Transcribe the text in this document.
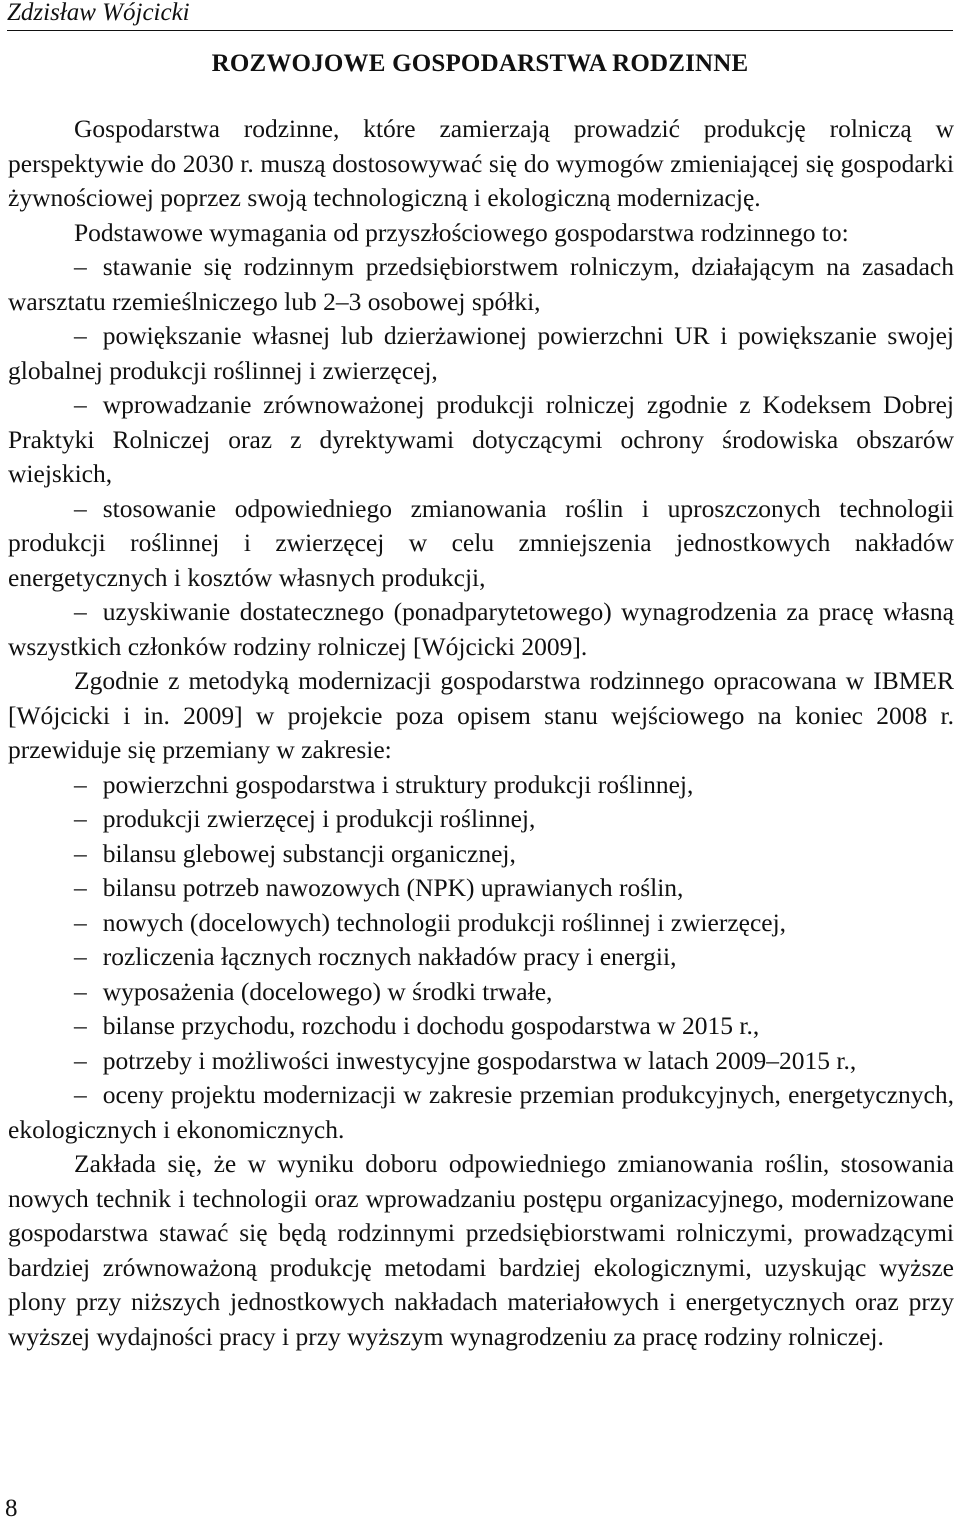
Zdzisław Wójcicki
ROZWOJOWE GOSPODARSTWA RODZINNE

Gospodarstwa rodzinne, które zamierzają prowadzić produkcję rolniczą w perspektywie do 2030 r. muszą dostosowywać się do wymogów zmieniającej się gospodarki żywnościowej poprzez swoją technologiczną i ekologiczną modernizację.

Podstawowe wymagania od przyszłościowego gospodarstwa rodzinnego to:

– stawanie się rodzinnym przedsiębiorstwem rolniczym, działającym na zasadach warsztatu rzemieślniczego lub 2–3 osobowej spółki,
– powiększanie własnej lub dzierżawionej powierzchni UR i powiększanie swojej globalnej produkcji roślinnej i zwierzęcej,
– wprowadzanie zrównoważonej produkcji rolniczej zgodnie z Kodeksem Dobrej Praktyki Rolniczej oraz z dyrektywami dotyczącymi ochrony środowiska obszarów wiejskich,
– stosowanie odpowiedniego zmianowania roślin i uproszczonych technologii produkcji roślinnej i zwierzęcej w celu zmniejszenia jednostkowych nakładów energetycznych i kosztów własnych produkcji,
– uzyskiwanie dostatecznego (ponadparytetowego) wynagrodzenia za pracę własną wszystkich członków rodziny rolniczej [Wójcicki 2009].

Zgodnie z metodyką modernizacji gospodarstwa rodzinnego opracowana w IBMER [Wójcicki i in. 2009] w projekcie poza opisem stanu wejściowego na koniec 2008 r. przewiduje się przemiany w zakresie:

– powierzchni gospodarstwa i struktury produkcji roślinnej,
– produkcji zwierzęcej i produkcji roślinnej,
– bilansu glebowej substancji organicznej,
– bilansu potrzeb nawozowych (NPK) uprawianych roślin,
– nowych (docelowych) technologii produkcji roślinnej i zwierzęcej,
– rozliczenia łącznych rocznych nakładów pracy i energii,
– wyposażenia (docelowego) w środki trwałe,
– bilanse przychodu, rozchodu i dochodu gospodarstwa w 2015 r.,
– potrzeby i możliwości inwestycyjne gospodarstwa w latach 2009–2015 r.,
– oceny projektu modernizacji w zakresie przemian produkcyjnych, energetycznych, ekologicznych i ekonomicznych.

Zakłada się, że w wyniku doboru odpowiedniego zmianowania roślin, stosowania nowych technik i technologii oraz wprowadzaniu postępu organizacyjnego, modernizowane gospodarstwa stawać się będą rodzinnymi przedsiębiorstwami rolniczymi, prowadzącymi bardziej zrównoważoną produkcję metodami bardziej ekologicznymi, uzyskując wyższe plony przy niższych jednostkowych nakładach materiałowych i energetycznych oraz przy wyższej wydajności pracy i przy wyższym wynagrodzeniu za pracę rodziny rolniczej.

8
